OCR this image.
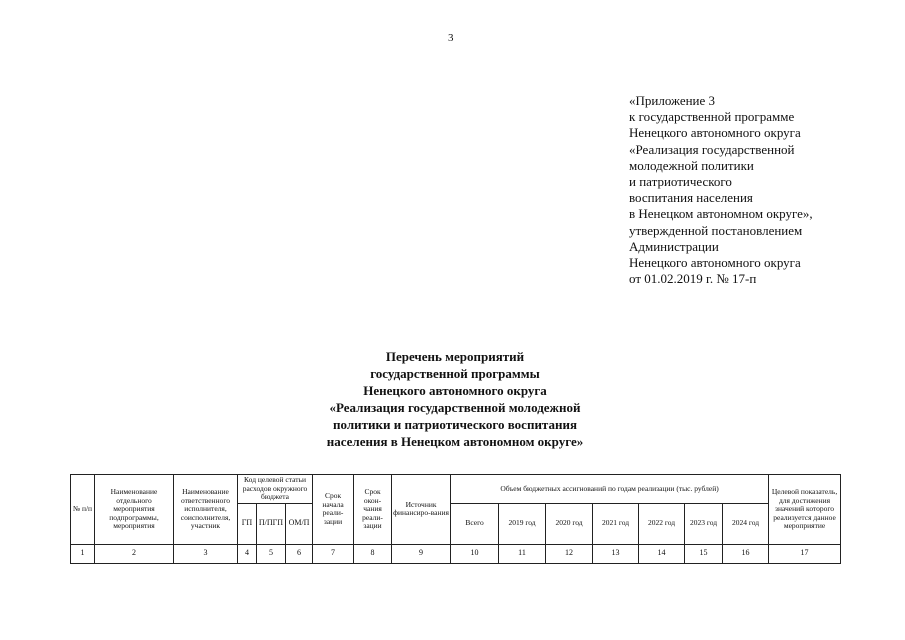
3
«Приложение 3
к государственной программе
Ненецкого автономного округа
«Реализация государственной
молодежной политики
и патриотического
воспитания населения
в Ненецком автономном округе»,
утвержденной постановлением
Администрации
Ненецкого автономного округа
от 01.02.2019 г. № 17-п
Перечень мероприятий
государственной программы
Ненецкого автономного округа
«Реализация государственной молодежной
политики и патриотического воспитания
населения в Ненецком автономном округе»
№ п/п	Наименование отдельного мероприятия подпрограммы, мероприятия	Наименование ответственного исполнителя, соисполнителя, участник	Код целевой статьи расходов окружного бюджета			Срок начала реали-зации	Срок окон-чания реали-зации	Источник финансиро-вания	Объем бюджетных ассигнований по годам реализации (тыс. рублей)							Целевой показатель, для достижения значений которого реализуется данное мероприятие
			ГП	П/ПГП	ОМ/П				Всего	2019 год	2020 год	2021 год	2022 год	2023 год	2024 год	
1	2	3	4	5	6	7	8	9	10	11	12	13	14	15	16	17
